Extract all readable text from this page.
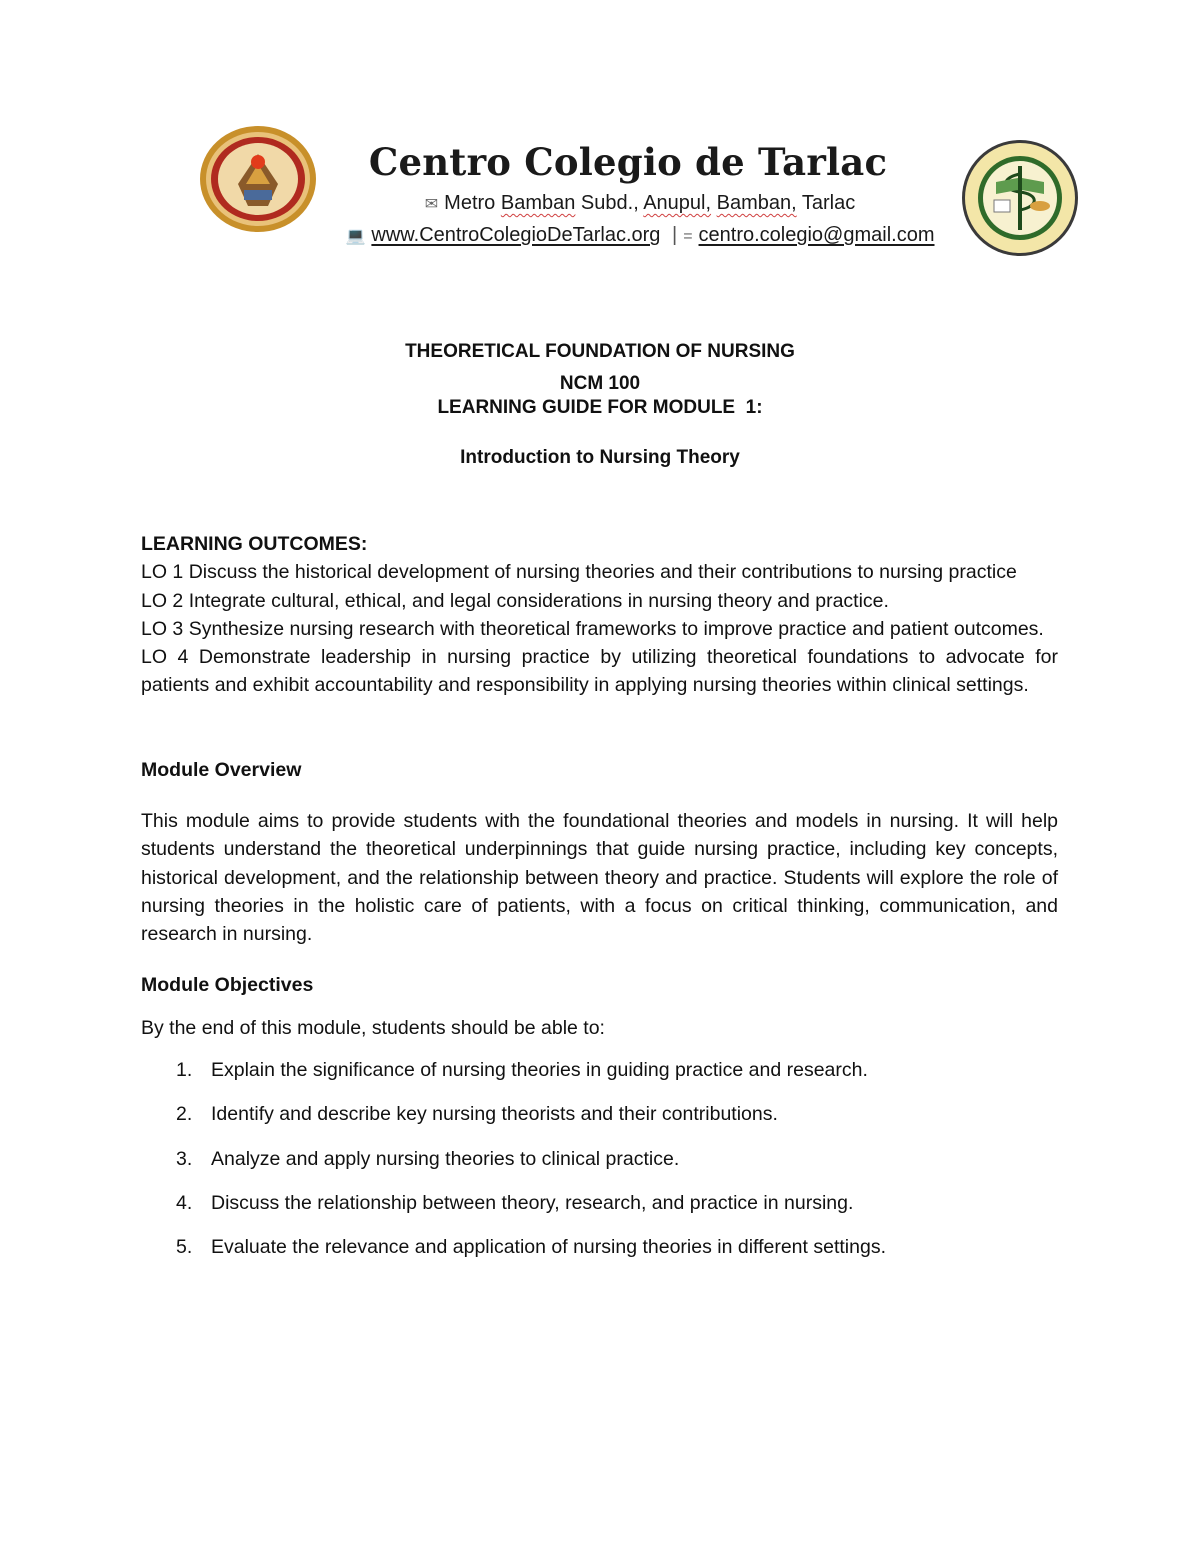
Centro Colegio de Tarlac
✉ Metro Bamban Subd., Anupul, Bamban, Tarlac
💻 www.CentroColegioDeTarlac.org | = centro.colegio@gmail.com
THEORETICAL FOUNDATION OF NURSING
NCM 100
LEARNING GUIDE FOR MODULE  1:
Introduction to Nursing Theory

LEARNING OUTCOMES:

LO 1 Discuss the historical development of nursing theories and their contributions to nursing practice

LO 2 Integrate cultural, ethical, and legal considerations in nursing theory and practice.

LO 3 Synthesize nursing research with theoretical frameworks to improve practice and patient outcomes.

LO 4 Demonstrate leadership in nursing practice by utilizing theoretical foundations to advocate for patients and exhibit accountability and responsibility in applying nursing theories within clinical settings.

Module Overview

This module aims to provide students with the foundational theories and models in nursing. It will help students understand the theoretical underpinnings that guide nursing practice, including key concepts, historical development, and the relationship between theory and practice. Students will explore the role of nursing theories in the holistic care of patients, with a focus on critical thinking, communication, and research in nursing.

Module Objectives

By the end of this module, students should be able to:

1. Explain the significance of nursing theories in guiding practice and research.
2. Identify and describe key nursing theorists and their contributions.
3. Analyze and apply nursing theories to clinical practice.
4. Discuss the relationship between theory, research, and practice in nursing.
5. Evaluate the relevance and application of nursing theories in different settings.
